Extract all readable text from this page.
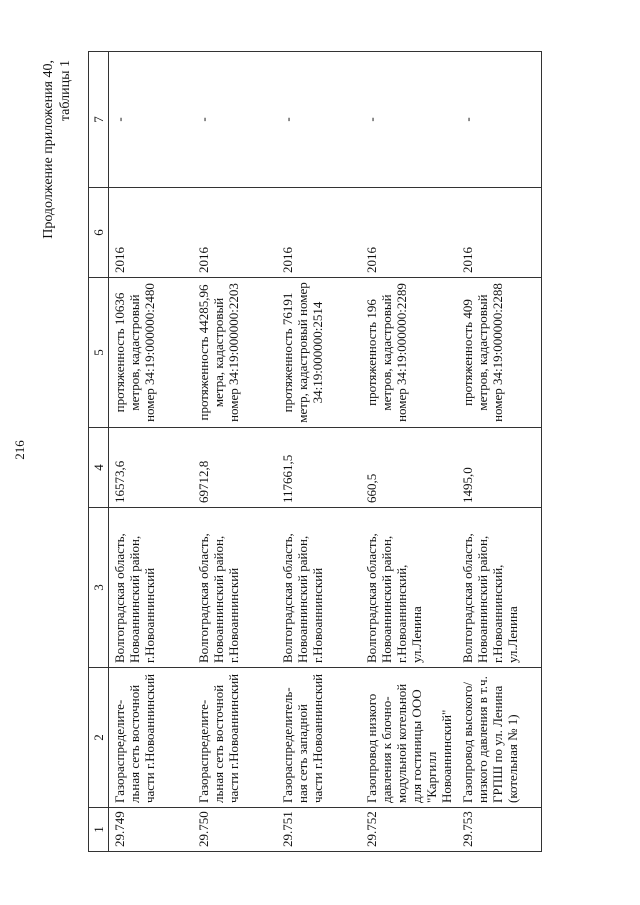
216
Продолжение приложения 40, таблицы 1
1	2	3	4	5	6	7
29.749	Газораспределите-льная сеть восточной части г.Новоаннинский	Волгоградская область, Новоаннинский район, г.Новоаннинский	16573,6	протяженность 10636 метров, кадастровый номер 34:19:000000:2480	2016	-
29.750	Газораспределите-льная сеть восточной части г.Новоаннинский	Волгоградская область, Новоаннинский район, г.Новоаннинский	69712,8	протяженность 44285,96 метра, кадастровый номер 34:19:000000:2203	2016	-
29.751	Газораспределитель-ная сеть западной части г.Новоаннинский	Волгоградская область, Новоаннинский район, г.Новоаннинский	117661,5	протяженность 76191 метр, кадастровый номер 34:19:000000:2514	2016	-
29.752	Газопровод низкого давления к блочно-модульной котельной для гостиницы ООО "Каргилл Новоаннинский"	Волгоградская область, Новоаннинский район, г.Новоаннинский, ул.Ленина	660,5	протяженность 196 метров, кадастровый номер 34:19:000000:2289	2016	-
29.753	Газопровод высокого/ низкого давления в т.ч. ГРПШ по ул. Ленина (котельная № 1)	Волгоградская область, Новоаннинский район, г.Новоаннинский, ул.Ленина	1495,0	протяженность 409 метров, кадастровый номер 34:19:000000:2288	2016	-
